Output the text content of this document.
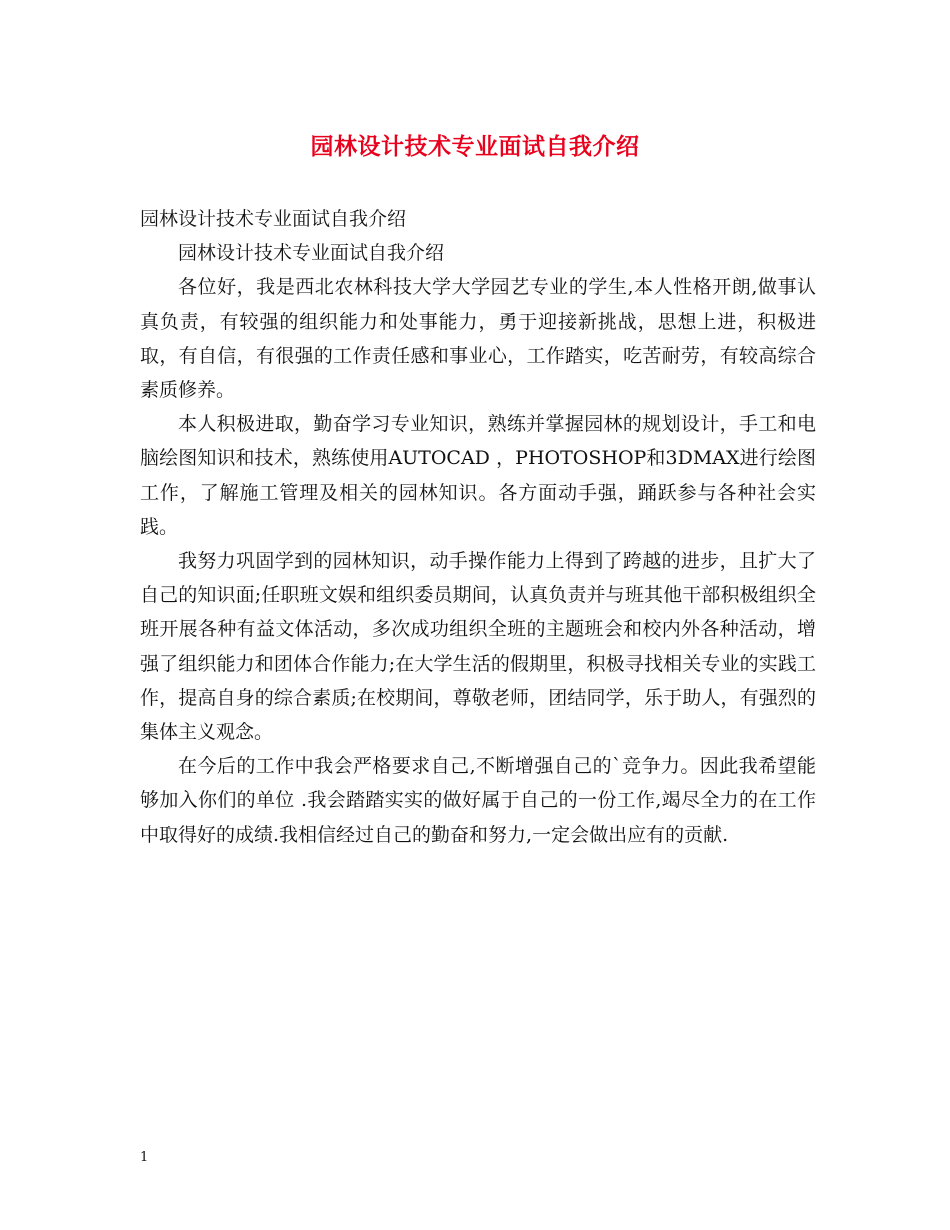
园林设计技术专业面试自我介绍

园林设计技术专业面试自我介绍

园林设计技术专业面试自我介绍

各位好，我是西北农林科技大学大学园艺专业的学生,本人性格开朗,做事认真负责，有较强的组织能力和处事能力，勇于迎接新挑战，思想上进，积极进取，有自信，有很强的工作责任感和事业心，工作踏实，吃苦耐劳，有较高综合素质修养。

本人积极进取，勤奋学习专业知识，熟练并掌握园林的规划设计，手工和电脑绘图知识和技术，熟练使用AUTOCAD ，PHOTOSHOP和3DMAX进行绘图工作，了解施工管理及相关的园林知识。各方面动手强，踊跃参与各种社会实践。

我努力巩固学到的园林知识，动手操作能力上得到了跨越的进步，且扩大了自己的知识面;任职班文娱和组织委员期间，认真负责并与班其他干部积极组织全班开展各种有益文体活动，多次成功组织全班的主题班会和校内外各种活动，增强了组织能力和团体合作能力;在大学生活的假期里，积极寻找相关专业的实践工作，提高自身的综合素质;在校期间，尊敬老师，团结同学，乐于助人，有强烈的集体主义观念。

在今后的工作中我会严格要求自己,不断增强自己的`竞争力。因此我希望能够加入你们的单位 .我会踏踏实实的做好属于自己的一份工作,竭尽全力的在工作中取得好的成绩.我相信经过自己的勤奋和努力,一定会做出应有的贡献.

1
